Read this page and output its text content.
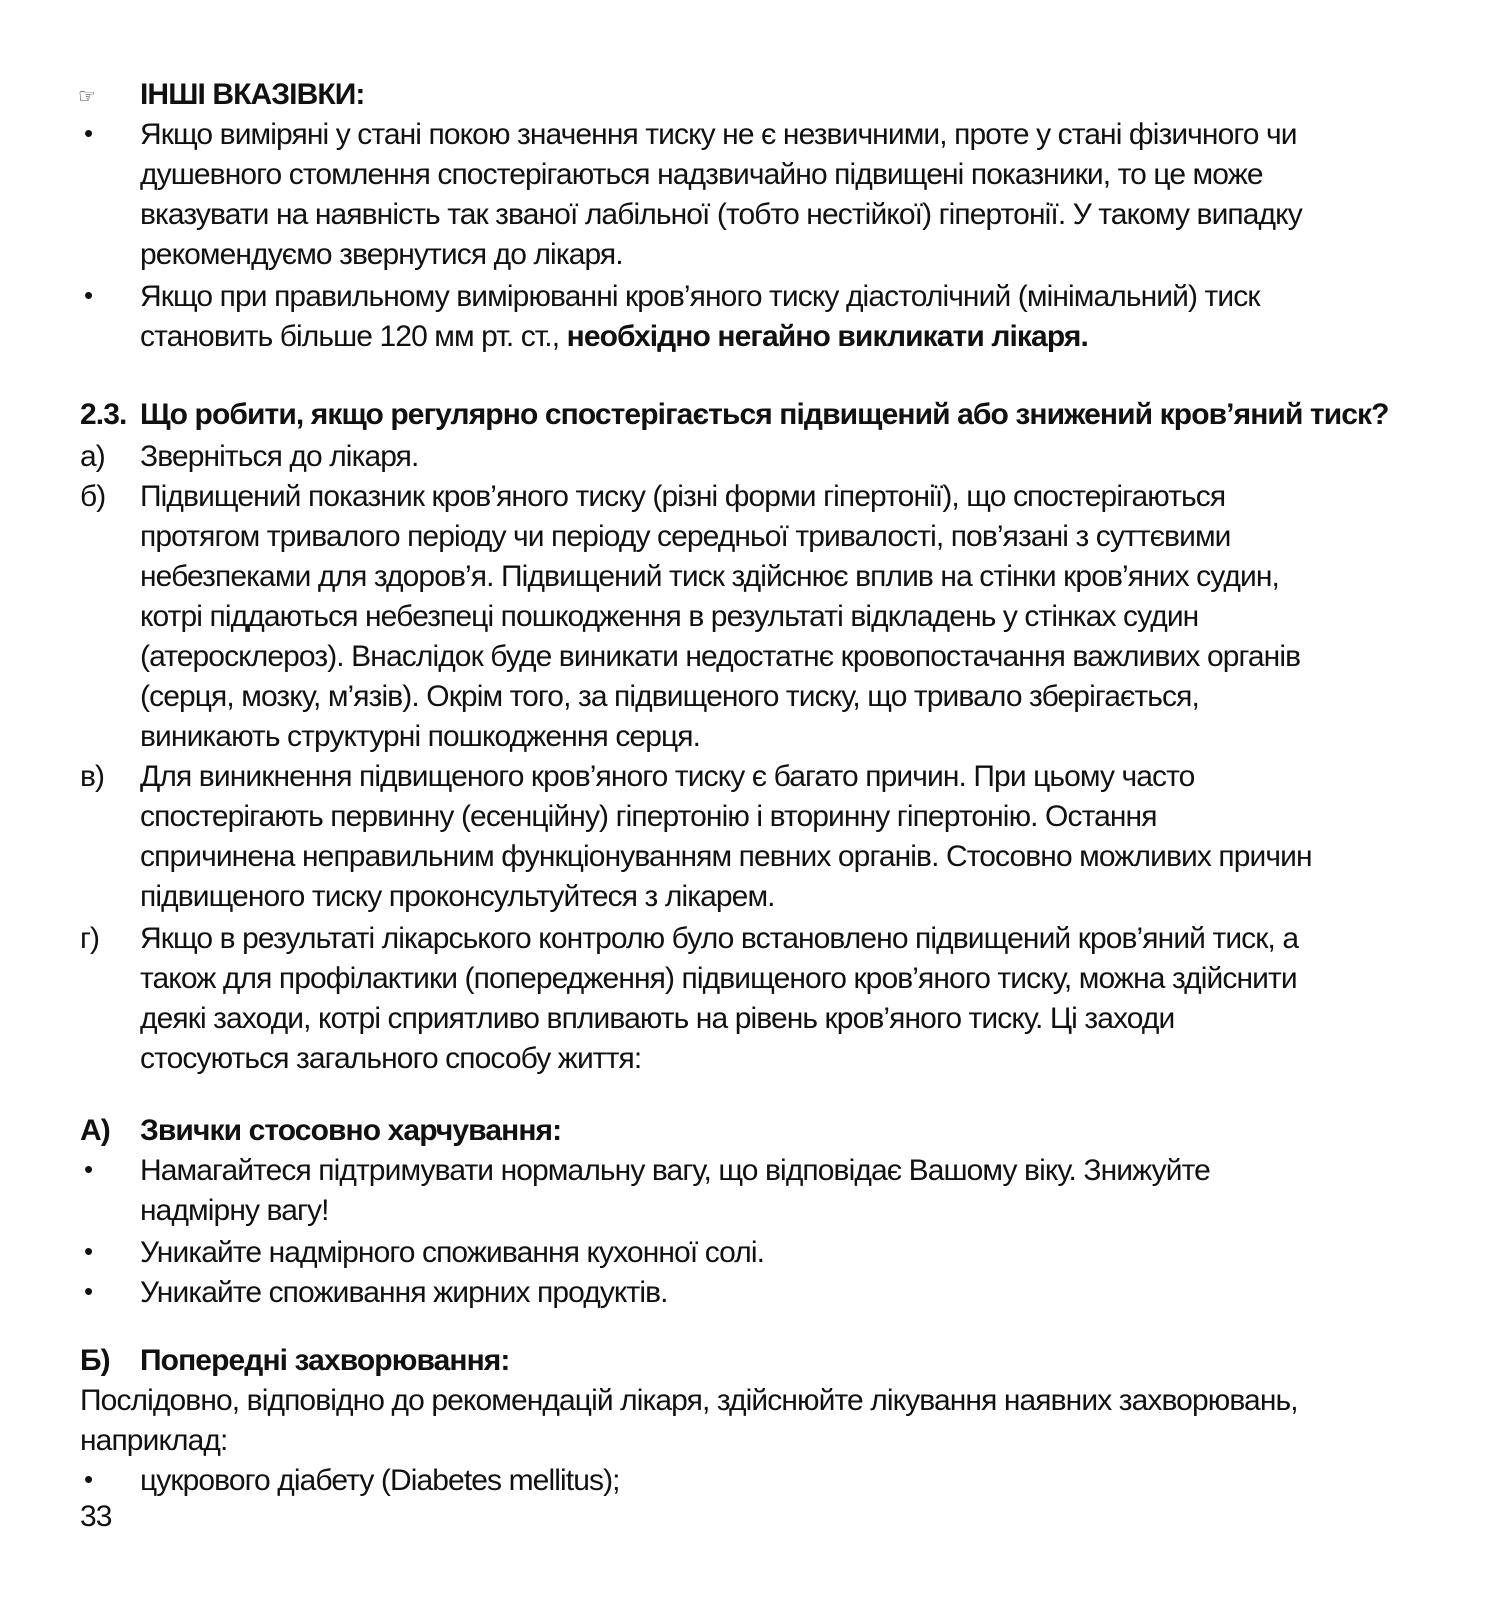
☞ ІНШІ ВКАЗІВКИ:
• Якщо виміряні у стані покою значення тиску не є незвичними, проте у стані фізичного чи
душевного стомлення спостерігаються надзвичайно підвищені показники, то це може
вказувати на наявність так званої лабільної (тобто нестійкої) гіпертонії. У такому випадку
рекомендуємо звернутися до лікаря.
• Якщо при правильному вимірюванні кров’яного тиску діастолічний (мінімальний) тиск
становить більше 120 мм рт. ст., необхідно негайно викликати лікаря.
2.3. Що робити, якщо регулярно спостерігається підвищений або знижений кров’яний тиск?
а) Зверніться до лікаря.
б) Підвищений показник кров’яного тиску (різні форми гіпертонії), що спостерігаються
протягом тривалого періоду чи періоду середньої тривалості, пов’язані з суттєвими
небезпеками для здоров’я. Підвищений тиск здійснює вплив на стінки кров’яних судин,
котрі піддаються небезпеці пошкодження в результаті відкладень у стінках судин
(атеросклероз). Внаслідок буде виникати недостатнє кровопостачання важливих органів
(серця, мозку, м’язів). Окрім того, за підвищеного тиску, що тривало зберігається,
виникають структурні пошкодження серця.
в) Для виникнення підвищеного кров’яного тиску є багато причин. При цьому часто
спостерігають первинну (есенційну) гіпертонію і вторинну гіпертонію. Остання
спричинена неправильним функціонуванням певних органів. Стосовно можливих причин
підвищеного тиску проконсультуйтеся з лікарем.
г) Якщо в результаті лікарського контролю було встановлено підвищений кров’яний тиск, а
також для профілактики (попередження) підвищеного кров’яного тиску, можна здійснити
деякі заходи, котрі сприятливо впливають на рівень кров’яного тиску. Ці заходи
стосуються загального способу життя:
А) Звички стосовно харчування:
• Намагайтеся підтримувати нормальну вагу, що відповідає Вашому віку. Знижуйте
надмірну вагу!
• Уникайте надмірного споживання кухонної солі.
• Уникайте споживання жирних продуктів.
Б) Попередні захворювання:
Послідовно, відповідно до рекомендацій лікаря, здійснюйте лікування наявних захворювань,
наприклад:
• цукрового діабету (Diabetes mellitus);
33
